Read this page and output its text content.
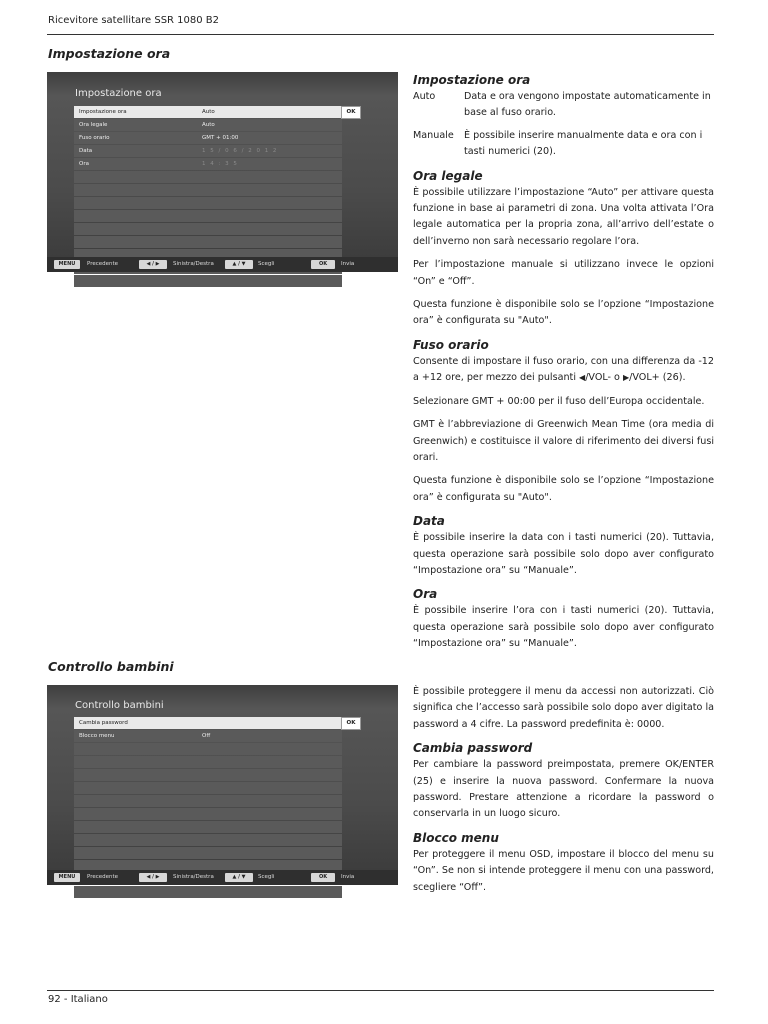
Ricevitore satellitare SSR 1080 B2
Impostazione ora
Impostazione ora
Impostazione ora	Auto	OK
Ora legale	Auto
Fuso orario	GMT + 01:00
Data	1 5 / 0 6 / 2 0 1 2
Ora	1 4 : 3 5
MENU	Precedente	◀ / ▶	Sinistra/Destra	▲ / ▼	Scegli	OK	Invia
Impostazione ora
Auto	Data e ora vengono impostate automaticamente in base al fuso orario.
Manuale	È possibile inserire manualmente data e ora con i tasti numerici (20).
Ora legale

È possibile utilizzare l’impostazione “Auto” per attivare questa funzione in base ai parametri di zona. Una volta attivata l’Ora legale automatica per la propria zona, all’arrivo dell’estate o dell’inverno non sarà necessario regolare l’ora.

Per l’impostazione manuale si utilizzano invece le opzioni “On” e “Off”.

Questa funzione è disponibile solo se l’opzione “Impostazione ora” è configurata su "Auto".

Fuso orario

Consente di impostare il fuso orario, con una differenza da -12 a +12 ore, per mezzo dei pulsanti ◀/VOL- o ▶/VOL+ (26).

Selezionare GMT + 00:00 per il fuso dell’Europa occidentale.

GMT è l’abbreviazione di Greenwich Mean Time (ora media di Greenwich) e costituisce il valore di riferimento dei diversi fusi orari.

Questa funzione è disponibile solo se l’opzione “Impostazione ora” è configurata su "Auto".

Data

È possibile inserire la data con i tasti numerici (20). Tuttavia, questa operazione sarà possibile solo dopo aver configurato “Impostazione ora” su “Manuale”.

Ora

È possibile inserire l’ora con i tasti numerici (20). Tuttavia, questa operazione sarà possibile solo dopo aver configurato “Impostazione ora” su “Manuale”.

Controllo bambini
Controllo bambini
Cambia password	OK
Blocco menu	Off
MENU	Precedente	◀ / ▶	Sinistra/Destra	▲ / ▼	Scegli	OK	Invia

È possibile proteggere il menu da accessi non autorizzati. Ciò significa che l’accesso sarà possibile solo dopo aver digitato la password a 4 cifre. La password predefinita è: 0000.

Cambia password

Per cambiare la password preimpostata, premere OK/ENTER (25) e inserire la nuova password. Confermare la nuova password. Prestare attenzione a ricordare la password o conservarla in un luogo sicuro.

Blocco menu

Per proteggere il menu OSD, impostare il blocco del menu su “On”. Se non si intende proteggere il menu con una password, scegliere “Off”.

92 - Italiano
